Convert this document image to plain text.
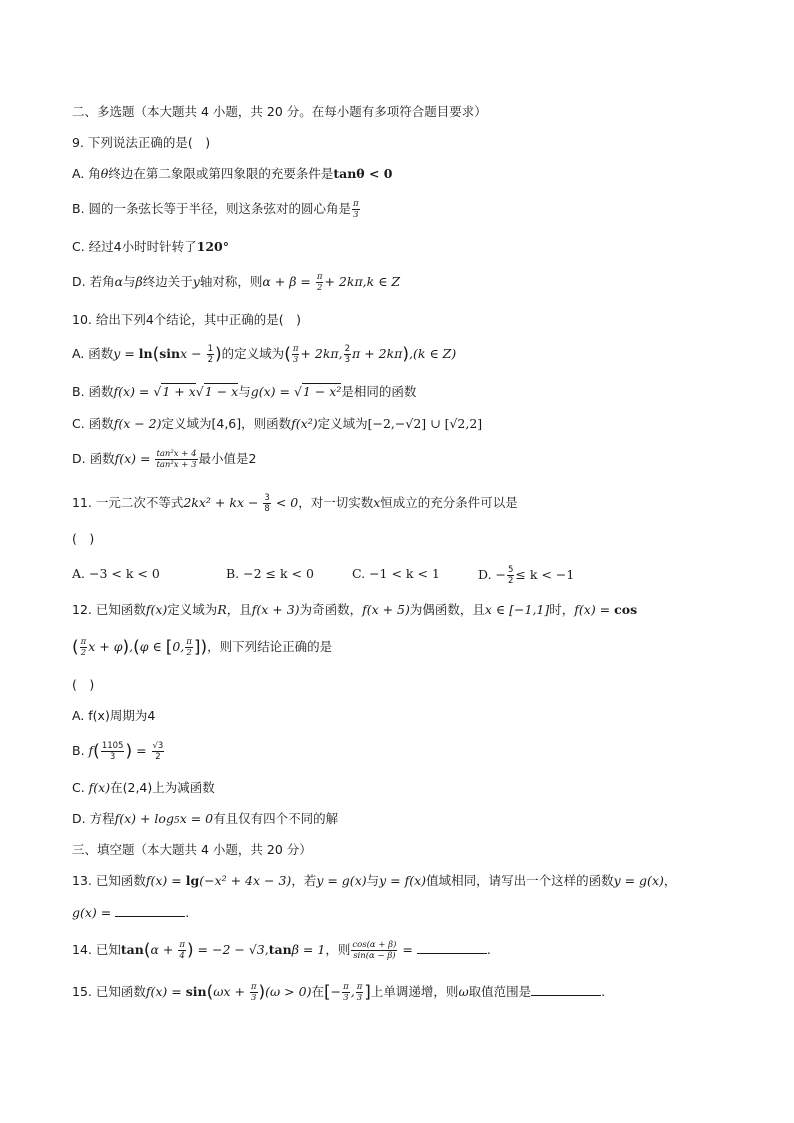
二、多选题（本大题共 4 小题，共 20 分。在每小题有多项符合题目要求）
9. 下列说法正确的是(　)
A. 角θ终边在第二象限或第四象限的充要条件是tanθ < 0
B. 圆的一条弦长等于半径，则这条弦对的圆心角是 $\frac{\pi}{3}$
C. 经过4小时时针转了120°
D. 若角α与β终边关于y轴对称，则$\alpha + \beta = \frac{\pi}{2} + 2k\pi,k$ ∈ Z
10. 给出下列4个结论，其中正确的是(　)
A. 函数$y = \ln(\sin x - \frac{1}{2}$ )的定义域为( $\frac{\pi}{3} + 2k\pi$, $\frac{2}{3}$ π + 2kπ),(k ∈ Z)
B. 函数f(x) = √1 + x√1 − x与g(x) = √1 − x²是相同的函数
C. 函数f(x − 2)定义域为[4,6]，则函数f(x²)定义域为[−2,−√2] ∪ [√2,2]
D. 函数$f(x) = \frac{\text{tan²x + 4}}{\text{tan²x + 3}}$ 最小值是2
11. 一元二次不等式2kx² + kx − $\frac{3}{8} < 0$，对一切实数x恒成立的充分条件可以是
(　)
A. −3 < k < 0	B. −2 ≤ k < 0	C. −1 < k < 1	D. − $\frac{5}{2} \le k < -1$
12. 已知函数f(x)定义域为R，且f(x + 3)为奇函数，f(x + 5)为偶函数，且x ∈ [−1,1]时，f(x) = cos
( $\frac{\pi}{2}$ x + φ),(φ ∈ [0, $\frac{\pi}{2}$ ])，则下列结论正确的是
(　)
A. f(x)周期为4
B. $f( \frac{1105}{3}$ ) = $\frac{√3}{2}$
C. f(x)在(2,4)上为减函数
D. 方程f(x) + log5x = 0有且仅有四个不同的解
三、填空题（本大题共 4 小题，共 20 分）
13. 已知函数f(x) = lg(−x² + 4x − 3)，若y = g(x)与y = f(x)值域相同，请写出一个这样的函数y = g(x)，
g(x) =	.
14. 已知$\tan(\alpha + \frac{\pi}{4}$ ) = −2 − √3,tanβ = 1，则 $\frac{\cos(\alpha + \beta)}{\sin(\alpha - \beta)}$ =	.
15. 已知函数$f(x) = \sin(\omega x + \frac{\pi}{3} )(\omega > 0)$在[− $\frac{\pi}{3}$ , $\frac{\pi}{3}$ ]上单调递增，则ω取值范围是	.
